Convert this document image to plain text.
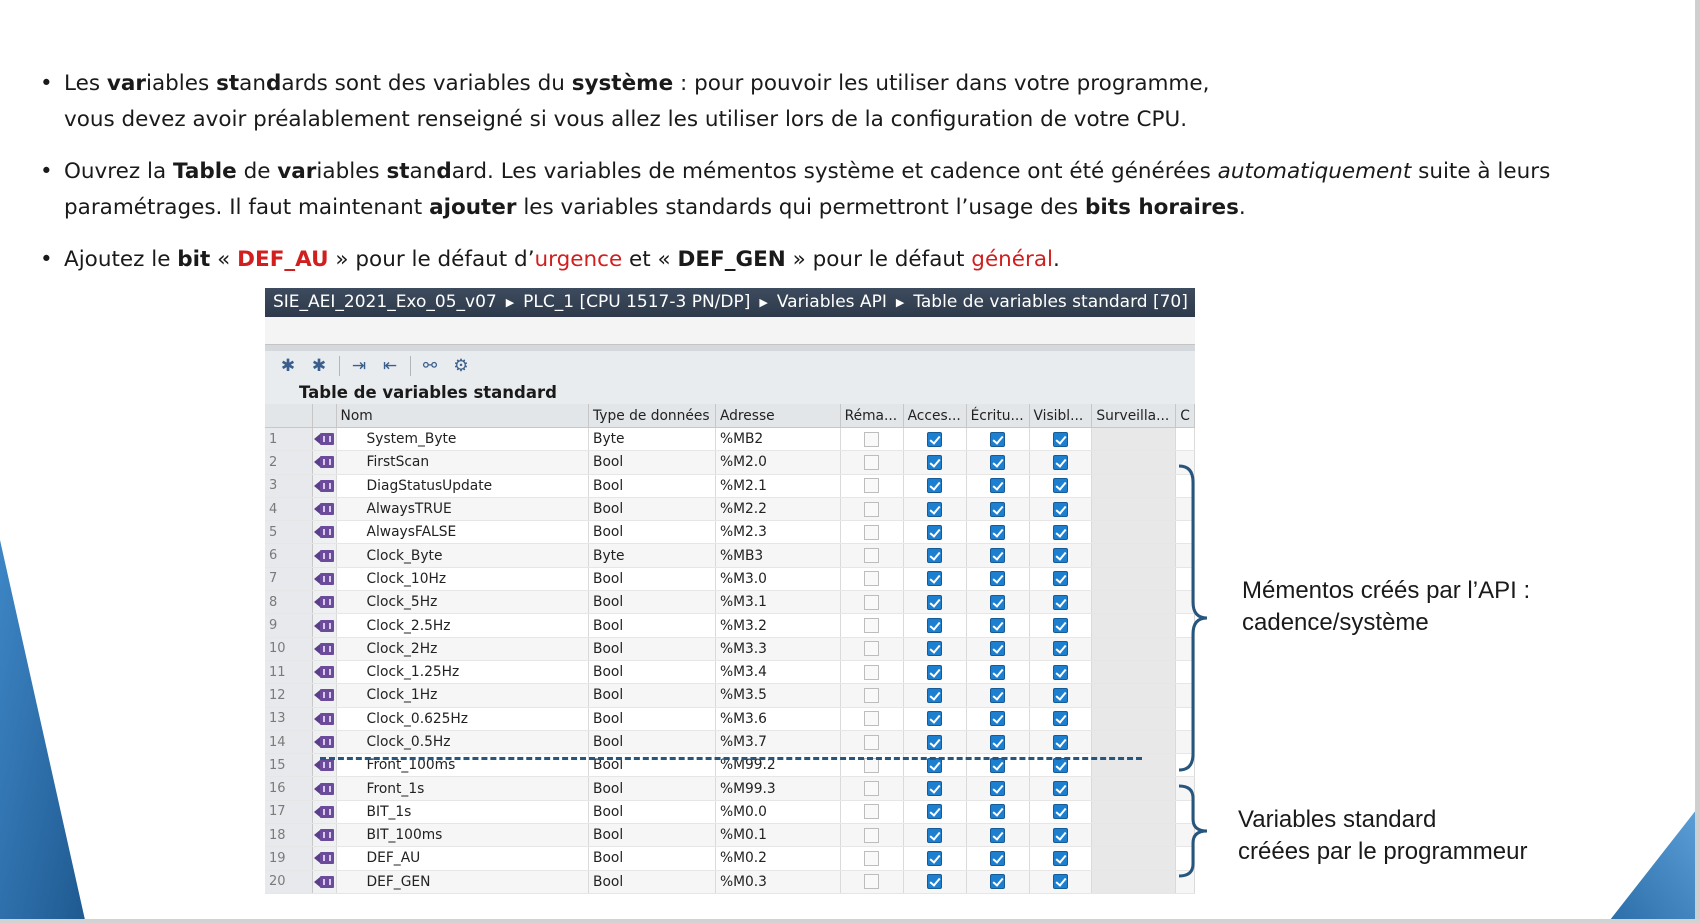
• Les variables standards sont des variables du système : pour pouvoir les utiliser dans votre programme,
vous devez avoir préalablement renseigné si vous allez les utiliser lors de la configuration de votre CPU.
• Ouvrez la Table de variables standard. Les variables de mémentos système et cadence ont été générées automatiquement suite à leurs
paramétrages. Il faut maintenant ajouter les variables standards qui permettront l’usage des bits horaires.
• Ajoutez le bit « DEF_AU » pour le défaut d’urgence et « DEF_GEN » pour le défaut général.
SIE_AEI_2021_Exo_05_v07 ▶ PLC_1 [CPU 1517-3 PN/DP] ▶ Variables API ▶ Table de variables standard [70]
✱ ✱	⇥ ⇤	⚯ ⚙
Table de variables standard
		Nom	Type de données	Adresse	Réma...	Acces...	Écritu...	Visibl...	Surveilla...	C
1		System_Byte	Byte	%MB2						
2		FirstScan	Bool	%M2.0						
3		DiagStatusUpdate	Bool	%M2.1						
4		AlwaysTRUE	Bool	%M2.2						
5		AlwaysFALSE	Bool	%M2.3						
6		Clock_Byte	Byte	%MB3						
7		Clock_10Hz	Bool	%M3.0						
8		Clock_5Hz	Bool	%M3.1						
9		Clock_2.5Hz	Bool	%M3.2						
10		Clock_2Hz	Bool	%M3.3						
11		Clock_1.25Hz	Bool	%M3.4						
12		Clock_1Hz	Bool	%M3.5						
13		Clock_0.625Hz	Bool	%M3.6						
14		Clock_0.5Hz	Bool	%M3.7						
15		Front_100ms	Bool	%M99.2						
16		Front_1s	Bool	%M99.3						
17		BIT_1s	Bool	%M0.0						
18		BIT_100ms	Bool	%M0.1						
19		DEF_AU	Bool	%M0.2						
20		DEF_GEN	Bool	%M0.3						
Mémentos créés par l’API :
cadence/système
Variables standard
créées par le programmeur
